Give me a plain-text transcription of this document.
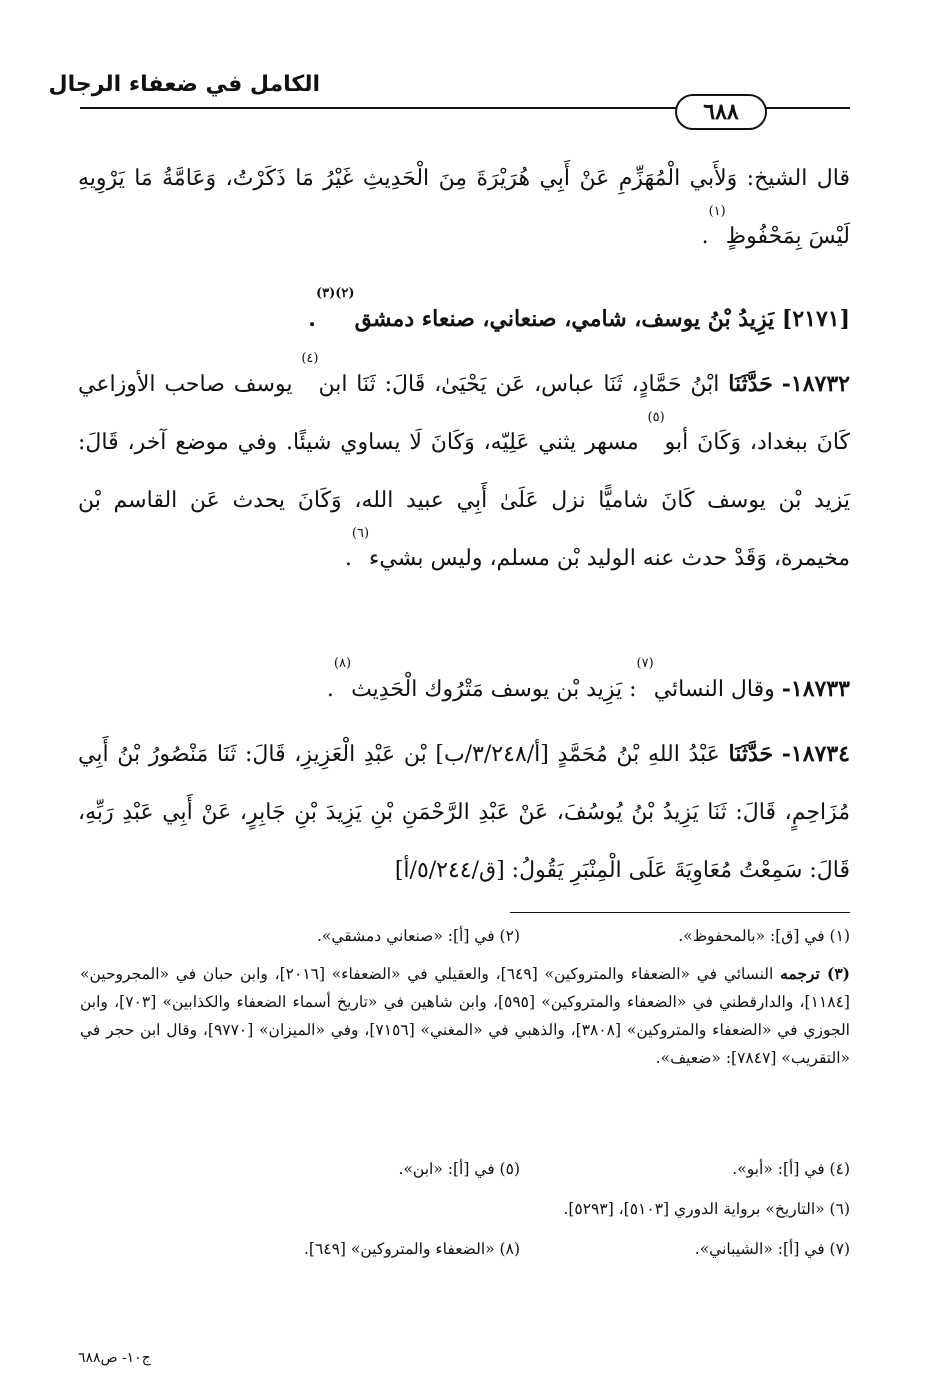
الكامل في ضعفاء الرجال
٦٨٨
قال الشيخ: وَلأَبي الْمُهَزِّمِ عَنْ أَبِي هُرَيْرَةَ مِنَ الْحَدِيثِ غَيْرُ مَا ذَكَرْتُ، وَعَامَّةُ مَا يَرْوِيهِ لَيْسَ بِمَحْفُوظٍ$^{(١)}$.
[٢١٧١] يَزِيدُ بْنُ يوسف، شامي، صنعاني، صنعاء دمشق$^{(٢)(٣)}$.
١٨٧٣٢- حَدَّثَنَا ابْنُ حَمَّادٍ، ثَنَا عباس، عَن يَحْيَىٰ، قَالَ: ثَنَا ابن$^{(٤)}$ يوسف صاحب الأوزاعي كَانَ ببغداد، وَكَانَ أبو$^{(٥)}$ مسهر يثني عَلِيّه، وَكَانَ لَا يساوي شيئًا. وفي موضع آخر، قَالَ: يَزيد بْن يوسف كَانَ شاميًّا نزل عَلَىٰ أَبِي عبيد الله، وَكَانَ يحدث عَن القاسم بْن مخيمرة، وَقَدْ حدث عنه الوليد بْن مسلم، وليس بشيء$^{(٦)}$.
١٨٧٣٣- وقال النسائي$^{(٧)}$: يَزِيد بْن يوسف مَتْرُوك الْحَدِيث$^{(٨)}$.
١٨٧٣٤- حَدَّثَنَا عَبْدُ اللهِ بْنُ مُحَمَّدٍ [أ/٣/٢٤٨/ب] بْن عَبْدِ الْعَزِيزِ، قَالَ: ثَنَا مَنْصُورُ بْنُ أَبِي مُزَاحِمٍ، قَالَ: ثَنَا يَزِيدُ بْنُ يُوسُفَ، عَنْ عَبْدِ الرَّحْمَنِ بْنِ يَزِيدَ بْنِ جَابِرٍ، عَنْ أَبِي عَبْدِ رَبِّهِ، قَالَ: سَمِعْتُ مُعَاوِيَةَ عَلَى الْمِنْبَرِ يَقُولُ: [ق/٥/٢٤٤/أ]
(١) في [ق]: «بالمحفوظ».
(٢) في [أ]: «صنعاني دمشقي».
(٣) ترجمه النسائي في «الضعفاء والمتروكين» [٦٤٩]، والعقيلي في «الضعفاء» [٢٠١٦]، وابن حبان في «المجروحين» [١١٨٤]، والدارقطني في «الضعفاء والمتروكين» [٥٩٥]، وابن شاهين في «تاريخ أسماء الضعفاء والكذابين» [٧٠٣]، وابن الجوزي في «الضعفاء والمتروكين» [٣٨٠٨]، والذهبي في «المغني» [٧١٥٦]، وفي «الميزان» [٩٧٧٠]، وقال ابن حجر في «التقريب» [٧٨٤٧]: «ضعيف».
(٤) في [أ]: «أبو».
(٥) في [أ]: «ابن».
(٦) «التاريخ» برواية الدوري [٥١٠٣]، [٥٢٩٣].
(٧) في [أ]: «الشيباني».
(٨) «الضعفاء والمتروكين» [٦٤٩].
ج١٠- ص٦٨٨
